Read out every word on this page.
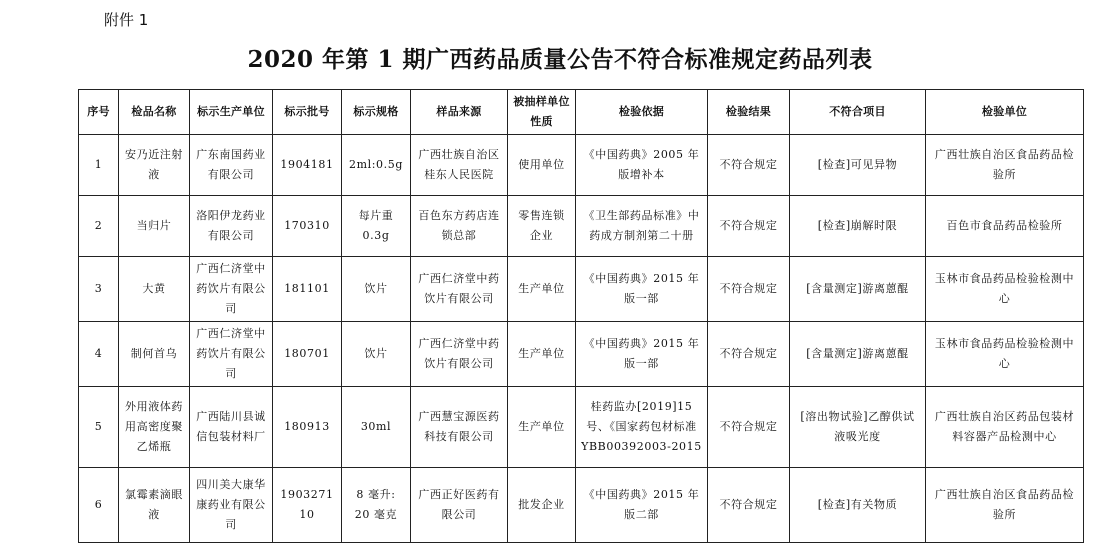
附件 1
2020 年第 1 期广西药品质量公告不符合标准规定药品列表
序号	检品名称	标示生产单位	标示批号	标示规格	样品来源	被抽样单位性质	检验依据	检验结果	不符合项目	检验单位
1	安乃近注射液	广东南国药业有限公司	1904181	2ml:0.5g	广西壮族自治区桂东人民医院	使用单位	《中国药典》2005 年版增补本	不符合规定	[检查]可见异物	广西壮族自治区食品药品检验所
2	当归片	洛阳伊龙药业有限公司	170310	每片重 0.3g	百色东方药店连锁总部	零售连锁企业	《卫生部药品标准》中药成方制剂第二十册	不符合规定	[检查]崩解时限	百色市食品药品检验所
3	大黄	广西仁济堂中药饮片有限公司	181101	饮片	广西仁济堂中药饮片有限公司	生产单位	《中国药典》2015 年版一部	不符合规定	[含量测定]游离蒽醌	玉林市食品药品检验检测中心
4	制何首乌	广西仁济堂中药饮片有限公司	180701	饮片	广西仁济堂中药饮片有限公司	生产单位	《中国药典》2015 年版一部	不符合规定	[含量测定]游离蒽醌	玉林市食品药品检验检测中心
5	外用液体药用高密度聚乙烯瓶	广西陆川县诚信包装材料厂	180913	30ml	广西慧宝源医药科技有限公司	生产单位	桂药监办[2019]15 号、《国家药包材标准 YBB00392003-2015	不符合规定	[溶出物试验]乙醇供试液吸光度	广西壮族自治区药品包装材料容器产品检测中心
6	氯霉素滴眼液	四川美大康华康药业有限公司	190327110	8 毫升: 20 毫克	广西正好医药有限公司	批发企业	《中国药典》2015 年版二部	不符合规定	[检查]有关物质	广西壮族自治区食品药品检验所
